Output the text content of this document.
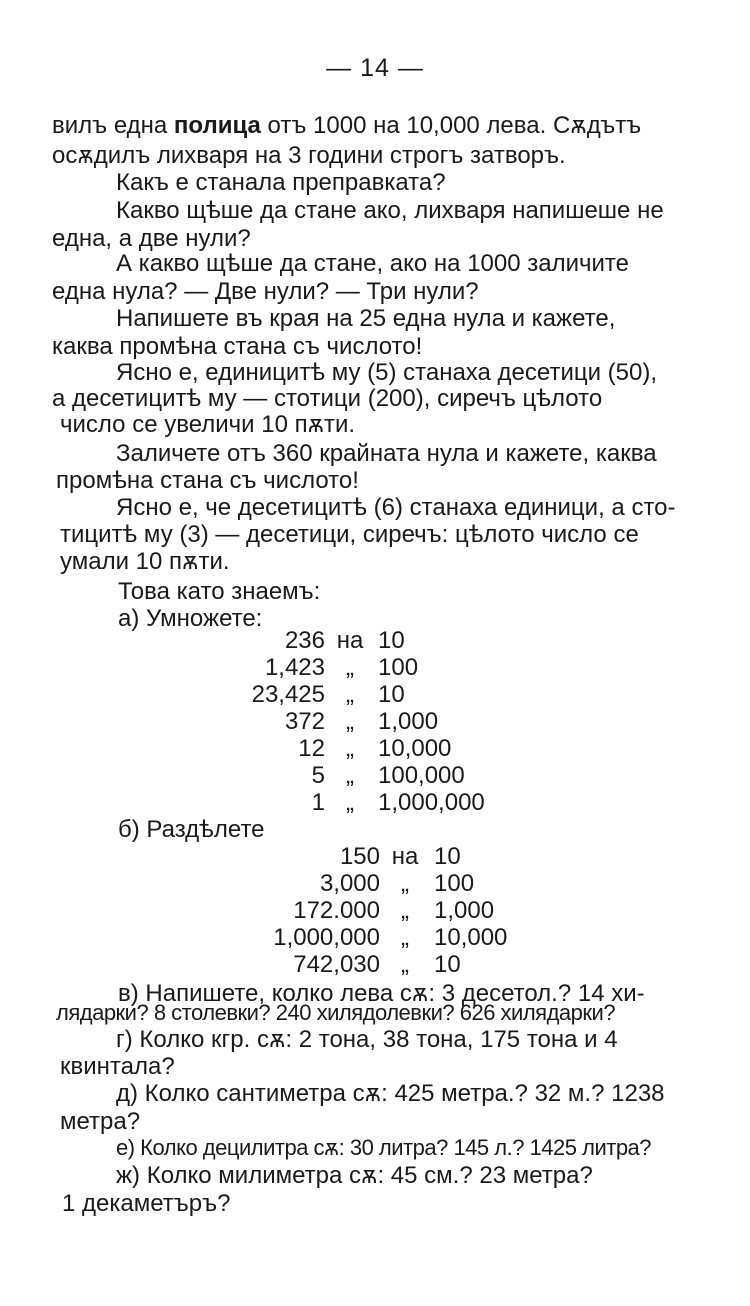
— 14 —
вилъ една полица отъ 1000 на 10,000 лева. Сѫдътъ
осѫдилъ лихваря на 3 години строгъ затворъ.
Какъ е станала преправката?
Какво щѣше да стане ако, лихваря напишеше не
една, а две нули?
А какво щѣше да стане, ако на 1000 заличите
една нула? — Две нули? — Три нули?
Напишете въ края на 25 една нула и кажете,
каква промѣна стана съ числото!
Ясно е, единицитѣ му (5) станаха десетици (50),
а десетицитѣ му — стотици (200), сиречъ цѣлото
число се увеличи 10 пѫти.
Заличете отъ 360 крайната нула и кажете, каква
промѣна стана съ числото!
Ясно е, че десетицитѣ (6) станаха единици, а сто-
тицитѣ му (3) — десетици, сиречъ: цѣлото число се
умали 10 пѫти.
Това като знаемъ:
а) Умножете:
236 на 10
1,423 „	100
23,425 „	10
372 „	1,000
12 „	10,000
5 „	100,000
1 „	1,000,000
б) Раздѣлете
150 на 10
3,000 „	100
172.000 „	1,000
1,000,000 „	10,000
742,030 „	10
в) Напишете, колко лева сѫ: 3 десетол.? 14 хи-
лядарки? 8 столевки? 240 хилядолевки? 626 хилядарки?
г) Колко кгр. сѫ: 2 тона, 38 тона, 175 тона и 4
квинтала?
д) Колко сантиметра сѫ: 425 метра.? 32 м.? 1238
метра?
е) Колко децилитра сѫ: 30 литра? 145 л.? 1425 литра?
ж) Колко милиметра сѫ: 45 см.? 23 метра?
1 декаметъръ?
